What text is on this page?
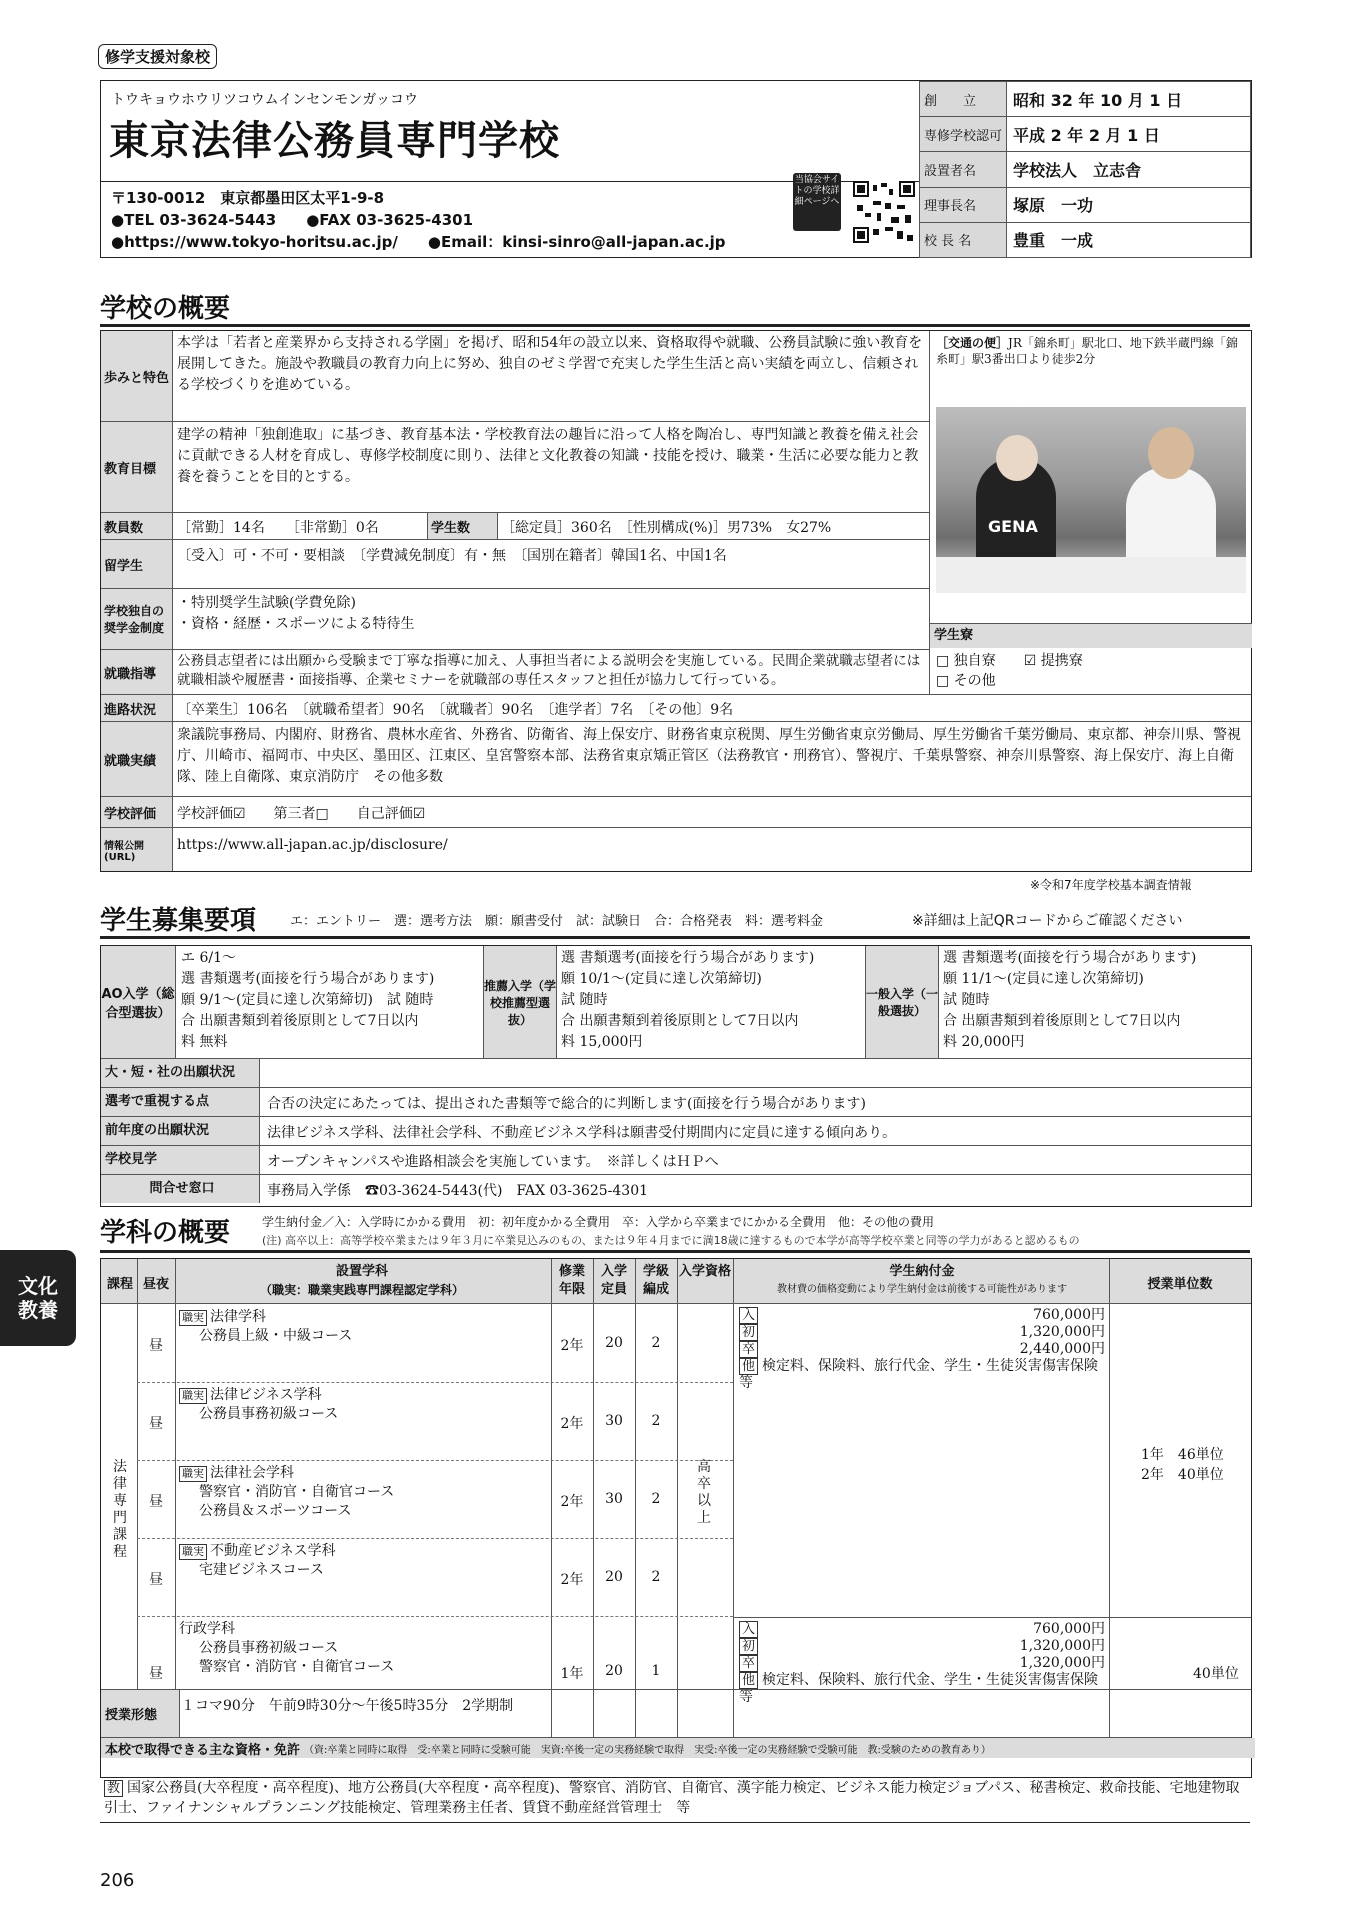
修学支援対象校
トウキョウホウリツコウムインセンモンガッコウ
東京法律公務員専門学校
〒130-0012　東京都墨田区太平1-9-8
●TEL 03-3624-5443　　 ●FAX 03-3625-4301
●https://www.tokyo-horitsu.ac.jp/　　 ●Email：kinsi-sinro@all-japan.ac.jp
当協会サイトの学校詳細ページへ
創　　立	昭和 32 年 10 月 1 日
専修学校認可	平成 2 年 2 月 1 日
設置者名	学校法人　立志舎
理事長名	塚原　一功
校 長 名	豊重　一成
学校の概要
歩みと特色
本学は「若者と産業界から支持される学園」を掲げ、昭和54年の設立以来、資格取得や就職、公務員試験に強い教育を展開してきた。施設や教職員の教育力向上に努め、独自のゼミ学習で充実した学生生活と高い実績を両立し、信頼される学校づくりを進めている。
教育目標
建学の精神「独創進取」に基づき、教育基本法・学校教育法の趣旨に沿って人格を陶冶し、専門知識と教養を備え社会に貢献できる人材を育成し、専修学校制度に則り、法律と文化教養の知識・技能を授け、職業・生活に必要な能力と教養を養うことを目的とする。
教員数	［常勤］14名　　［非常勤］0名	学生数	［総定員］360名　［性別構成(%)］男73%　女27%
留学生
〔受入〕可・不可・要相談　〔学費減免制度〕有・無　〔国別在籍者〕韓国1名、中国1名
学校独自の奨学金制度
・特別奨学生試験(学費免除)
・資格・経歴・スポーツによる特待生
就職指導
公務員志望者には出願から受験まで丁寧な指導に加え、人事担当者による説明会を実施している。民間企業就職志望者には就職相談や履歴書・面接指導、企業セミナーを就職部の専任スタッフと担任が協力して行っている。
［交通の便］JR「錦糸町」駅北口、地下鉄半蔵門線「錦糸町」駅3番出口より徒歩2分
GENA
学生寮
□ 独自寮　　 ☑ 提携寮
□ その他
進路状況	〔卒業生〕106名　〔就職希望者〕90名　〔就職者〕90名　〔進学者〕7名　〔その他〕9名
就職実績
衆議院事務局、内閣府、財務省、農林水産省、外務省、防衛省、海上保安庁、財務省東京税関、厚生労働省東京労働局、厚生労働省千葉労働局、東京都、神奈川県、警視庁、川崎市、福岡市、中央区、墨田区、江東区、皇宮警察本部、法務省東京矯正管区（法務教官・刑務官）、警視庁、千葉県警察、神奈川県警察、海上保安庁、海上自衛隊、陸上自衛隊、東京消防庁　その他多数
学校評価	学校評価☑　　第三者□　　自己評価☑
情報公開(URL)
https://www.all-japan.ac.jp/disclosure/
※令和7年度学校基本調査情報
学生募集要項	エ：エントリー　選：選考方法　願：願書受付　試：試験日　合：合格発表　料：選考料金	※詳細は上記QRコードからご確認ください
AO入学（総合型選抜）
エ 6/1～
選 書類選考(面接を行う場合があります)
願 9/1～(定員に達し次第締切)　試 随時
合 出願書類到着後原則として7日以内
料 無料
推薦入学（学校推薦型選抜）
選 書類選考(面接を行う場合があります)
願 10/1～(定員に達し次第締切)
試 随時
合 出願書類到着後原則として7日以内
料 15,000円
一般入学（一般選抜）
選 書類選考(面接を行う場合があります)
願 11/1～(定員に達し次第締切)
試 随時
合 出願書類到着後原則として7日以内
料 20,000円
大・短・社の出願状況
選考で重視する点	合否の決定にあたっては、提出された書類等で総合的に判断します(面接を行う場合があります)
前年度の出願状況	法律ビジネス学科、法律社会学科、不動産ビジネス学科は願書受付期間内に定員に達する傾向あり。
学校見学	オープンキャンパスや進路相談会を実施しています。　※詳しくはＨＰへ
問合せ窓口	事務局入学係　☎03-3624-5443(代)　FAX 03-3625-4301
学科の概要	学生納付金／入：入学時にかかる費用　初：初年度かかる全費用　卒：入学から卒業までにかかる全費用　他：その他の費用
(注) 高卒以上：高等学校卒業または９年３月に卒業見込みのもの、または９年４月までに満18歳に達するもので本学が高等学校卒業と同等の学力があると認めるもの
課程 昼夜
設置学科
（職実：職業実践専門課程認定学科）
修業年限
入学定員
学級編成
入学資格	学生納付金
教材費の価格変動により学生納付金は前後する可能性があります	授業単位数
法律専門課程
高卒以上
昼
職実 法律学科
公務員上級・中級コース
2年	20	2
昼
職実 法律ビジネス学科
公務員事務初級コース
2年	30	2
昼
職実 法律社会学科
警察官・消防官・自衛官コース
公務員＆スポーツコース
2年	30	2
昼
職実 不動産ビジネス学科
宅建ビジネスコース
2年	20	2
昼
行政学科
公務員事務初級コース
警察官・消防官・自衛官コース	1年	20	1
入	760,000円
初	1,320,000円
卒	2,440,000円
他 検定料、保険料、旅行代金、学生・生徒災害傷害保険等
入	760,000円
初	1,320,000円
卒	1,320,000円
他 検定料、保険料、旅行代金、学生・生徒災害傷害保険等
1年　46単位
2年　40単位
40単位
授業形態
１コマ90分　午前9時30分～午後5時35分　2学期制
本校で取得できる主な資格・免許 （資:卒業と同時に取得　受:卒業と同時に受験可能　実資:卒後一定の実務経験で取得　実受:卒後一定の実務経験で受験可能　教:受験のための教育あり）
教 国家公務員(大卒程度・高卒程度)、地方公務員(大卒程度・高卒程度)、警察官、消防官、自衛官、漢字能力検定、ビジネス能力検定ジョブパス、秘書検定、救命技能、宅地建物取引士、ファイナンシャルプランニング技能検定、管理業務主任者、賃貸不動産経営管理士　等
文化教養
206
